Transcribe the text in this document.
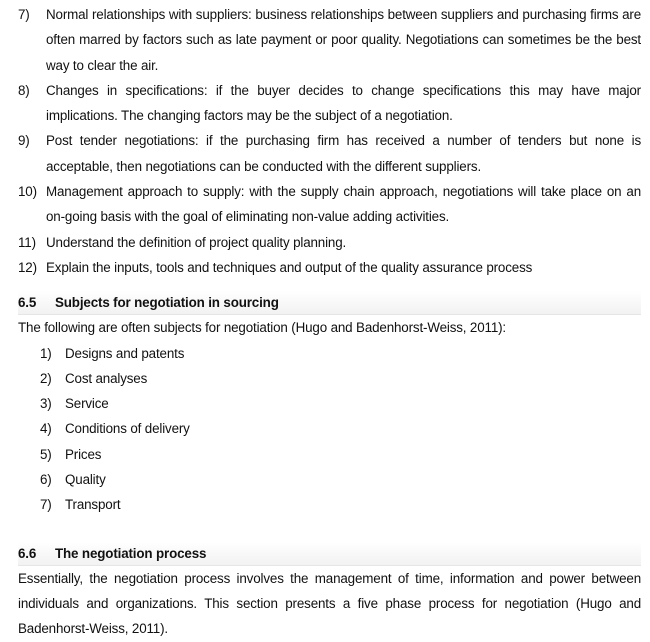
7)	Normal relationships with suppliers: business relationships between suppliers and purchasing firms are often marred by factors such as late payment or poor quality. Negotiations can sometimes be the best way to clear the air.
8)	Changes in specifications: if the buyer decides to change specifications this may have major implications. The changing factors may be the subject of a negotiation.
9)	Post tender negotiations: if the purchasing firm has received a number of tenders but none is acceptable, then negotiations can be conducted with the different suppliers.
10) Management approach to supply: with the supply chain approach, negotiations will take place on an on-going basis with the goal of eliminating non-value adding activities.
11) Understand the definition of project quality planning.
12) Explain the inputs, tools and techniques and output of the quality assurance process
6.5	Subjects for negotiation in sourcing

The following are often subjects for negotiation (Hugo and Badenhorst-Weiss, 2011):

1) Designs and patents
2) Cost analyses
3) Service
4) Conditions of delivery
5) Prices
6) Quality
7) Transport
6.6	The negotiation process

Essentially, the negotiation process involves the management of time, information and power between individuals and organizations. This section presents a five phase process for negotiation (Hugo and Badenhorst-Weiss, 2011).
